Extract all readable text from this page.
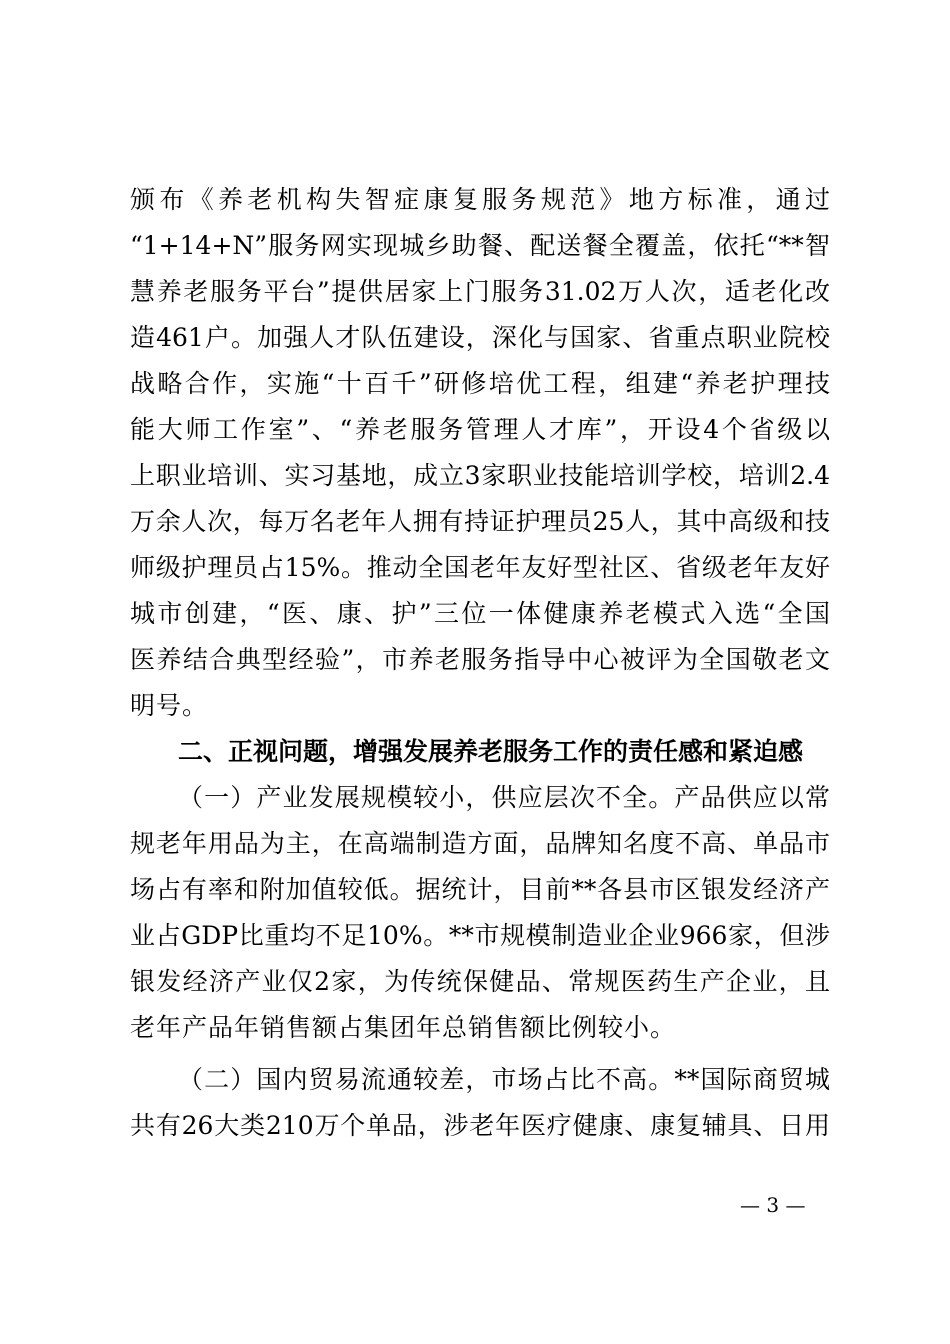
颁布《养老机构失智症康复服务规范》地方标准，通过
“1+14+N”服务网实现城乡助餐、配送餐全覆盖，依托“**智
慧养老服务平台”提供居家上门服务31.02万人次，适老化改
造461户。加强人才队伍建设，深化与国家、省重点职业院校
战略合作，实施“十百千”研修培优工程，组建“养老护理技
能大师工作室”、“养老服务管理人才库”，开设4个省级以
上职业培训、实习基地，成立3家职业技能培训学校，培训2.4
万余人次，每万名老年人拥有持证护理员25人，其中高级和技
师级护理员占15%。推动全国老年友好型社区、省级老年友好
城市创建，“医、康、护”三位一体健康养老模式入选“全国
医养结合典型经验”，市养老服务指导中心被评为全国敬老文
明号。
二、正视问题，增强发展养老服务工作的责任感和紧迫感
（一）产业发展规模较小，供应层次不全。产品供应以常
规老年用品为主，在高端制造方面，品牌知名度不高、单品市
场占有率和附加值较低。据统计，目前**各县市区银发经济产
业占GDP比重均不足10%。**市规模制造业企业966家，但涉
银发经济产业仅2家，为传统保健品、常规医药生产企业，且
老年产品年销售额占集团年总销售额比例较小。
（二）国内贸易流通较差，市场占比不高。**国际商贸城
共有26大类210万个单品，涉老年医疗健康、康复辅具、日用
— 3 —
